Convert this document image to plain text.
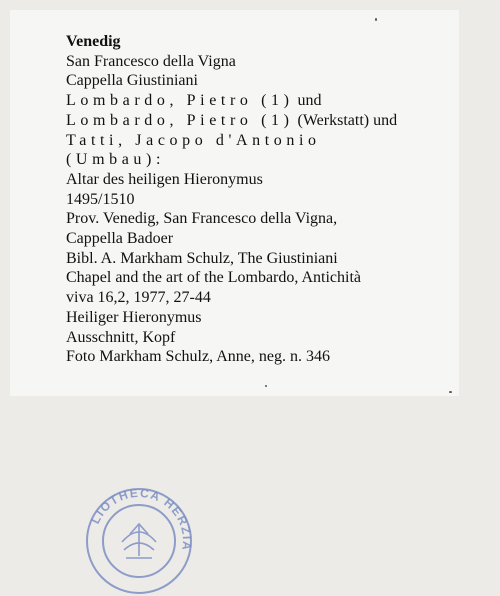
Venedig
San Francesco della Vigna
Cappella Giustiniani
Lombardo, Pietro (1) und
Lombardo, Pietro (1) (Werkstatt) und
Tatti, Jacopo d'Antonio
(Umbau):
Altar des heiligen Hieronymus
1495/1510
Prov. Venedig, San Francesco della Vigna,
Cappella Badoer
Bibl. A. Markham Schulz, The Giustiniani
Chapel and the art of the Lombardo, Antichità
viva 16,2, 1977, 27-44
Heiliger Hieronymus
Ausschnitt, Kopf
Foto Markham Schulz, Anne, neg. n. 346
LIOTHECA HERZIA
